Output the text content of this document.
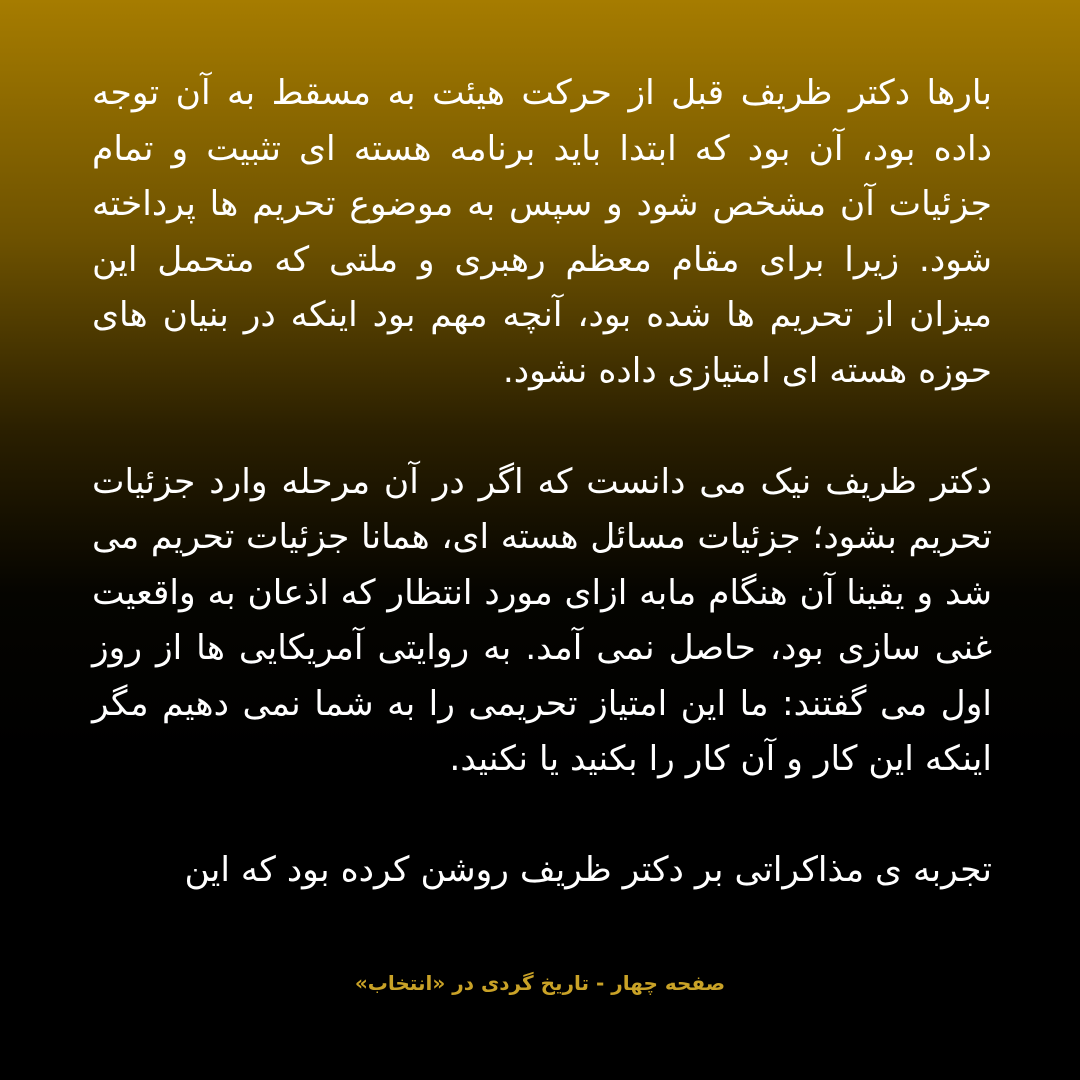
بارها دکتر ظریف قبل از حرکت هیئت به مسقط به آن توجه داده بود، آن بود که ابتدا باید برنامه هسته ای تثبیت و تمام جزئیات آن مشخص شود و سپس به موضوع تحریم ها پرداخته شود. زیرا برای مقام معظم رهبری و ملتی که متحمل این میزان از تحریم ها شده بود، آنچه مهم بود اینکه در بنیان های حوزه هسته ای امتیازی داده نشود.

دکتر ظریف نیک می دانست که اگر در آن مرحله وارد جزئیات تحریم بشود؛ جزئیات مسائل هسته ای، همانا جزئیات تحریم می شد و یقینا آن هنگام مابه ازای مورد انتظار که اذعان به واقعیت غنی سازی بود، حاصل نمی آمد. به روایتی آمریکایی ها از روز اول می گفتند: ما این امتیاز تحریمی را به شما نمی دهیم مگر اینکه این کار و آن کار را بکنید یا نکنید.

تجربه ی مذاکراتی بر دکتر ظریف روشن کرده بود که این

صفحه چهار - تاریخ گردی در «انتخاب»
